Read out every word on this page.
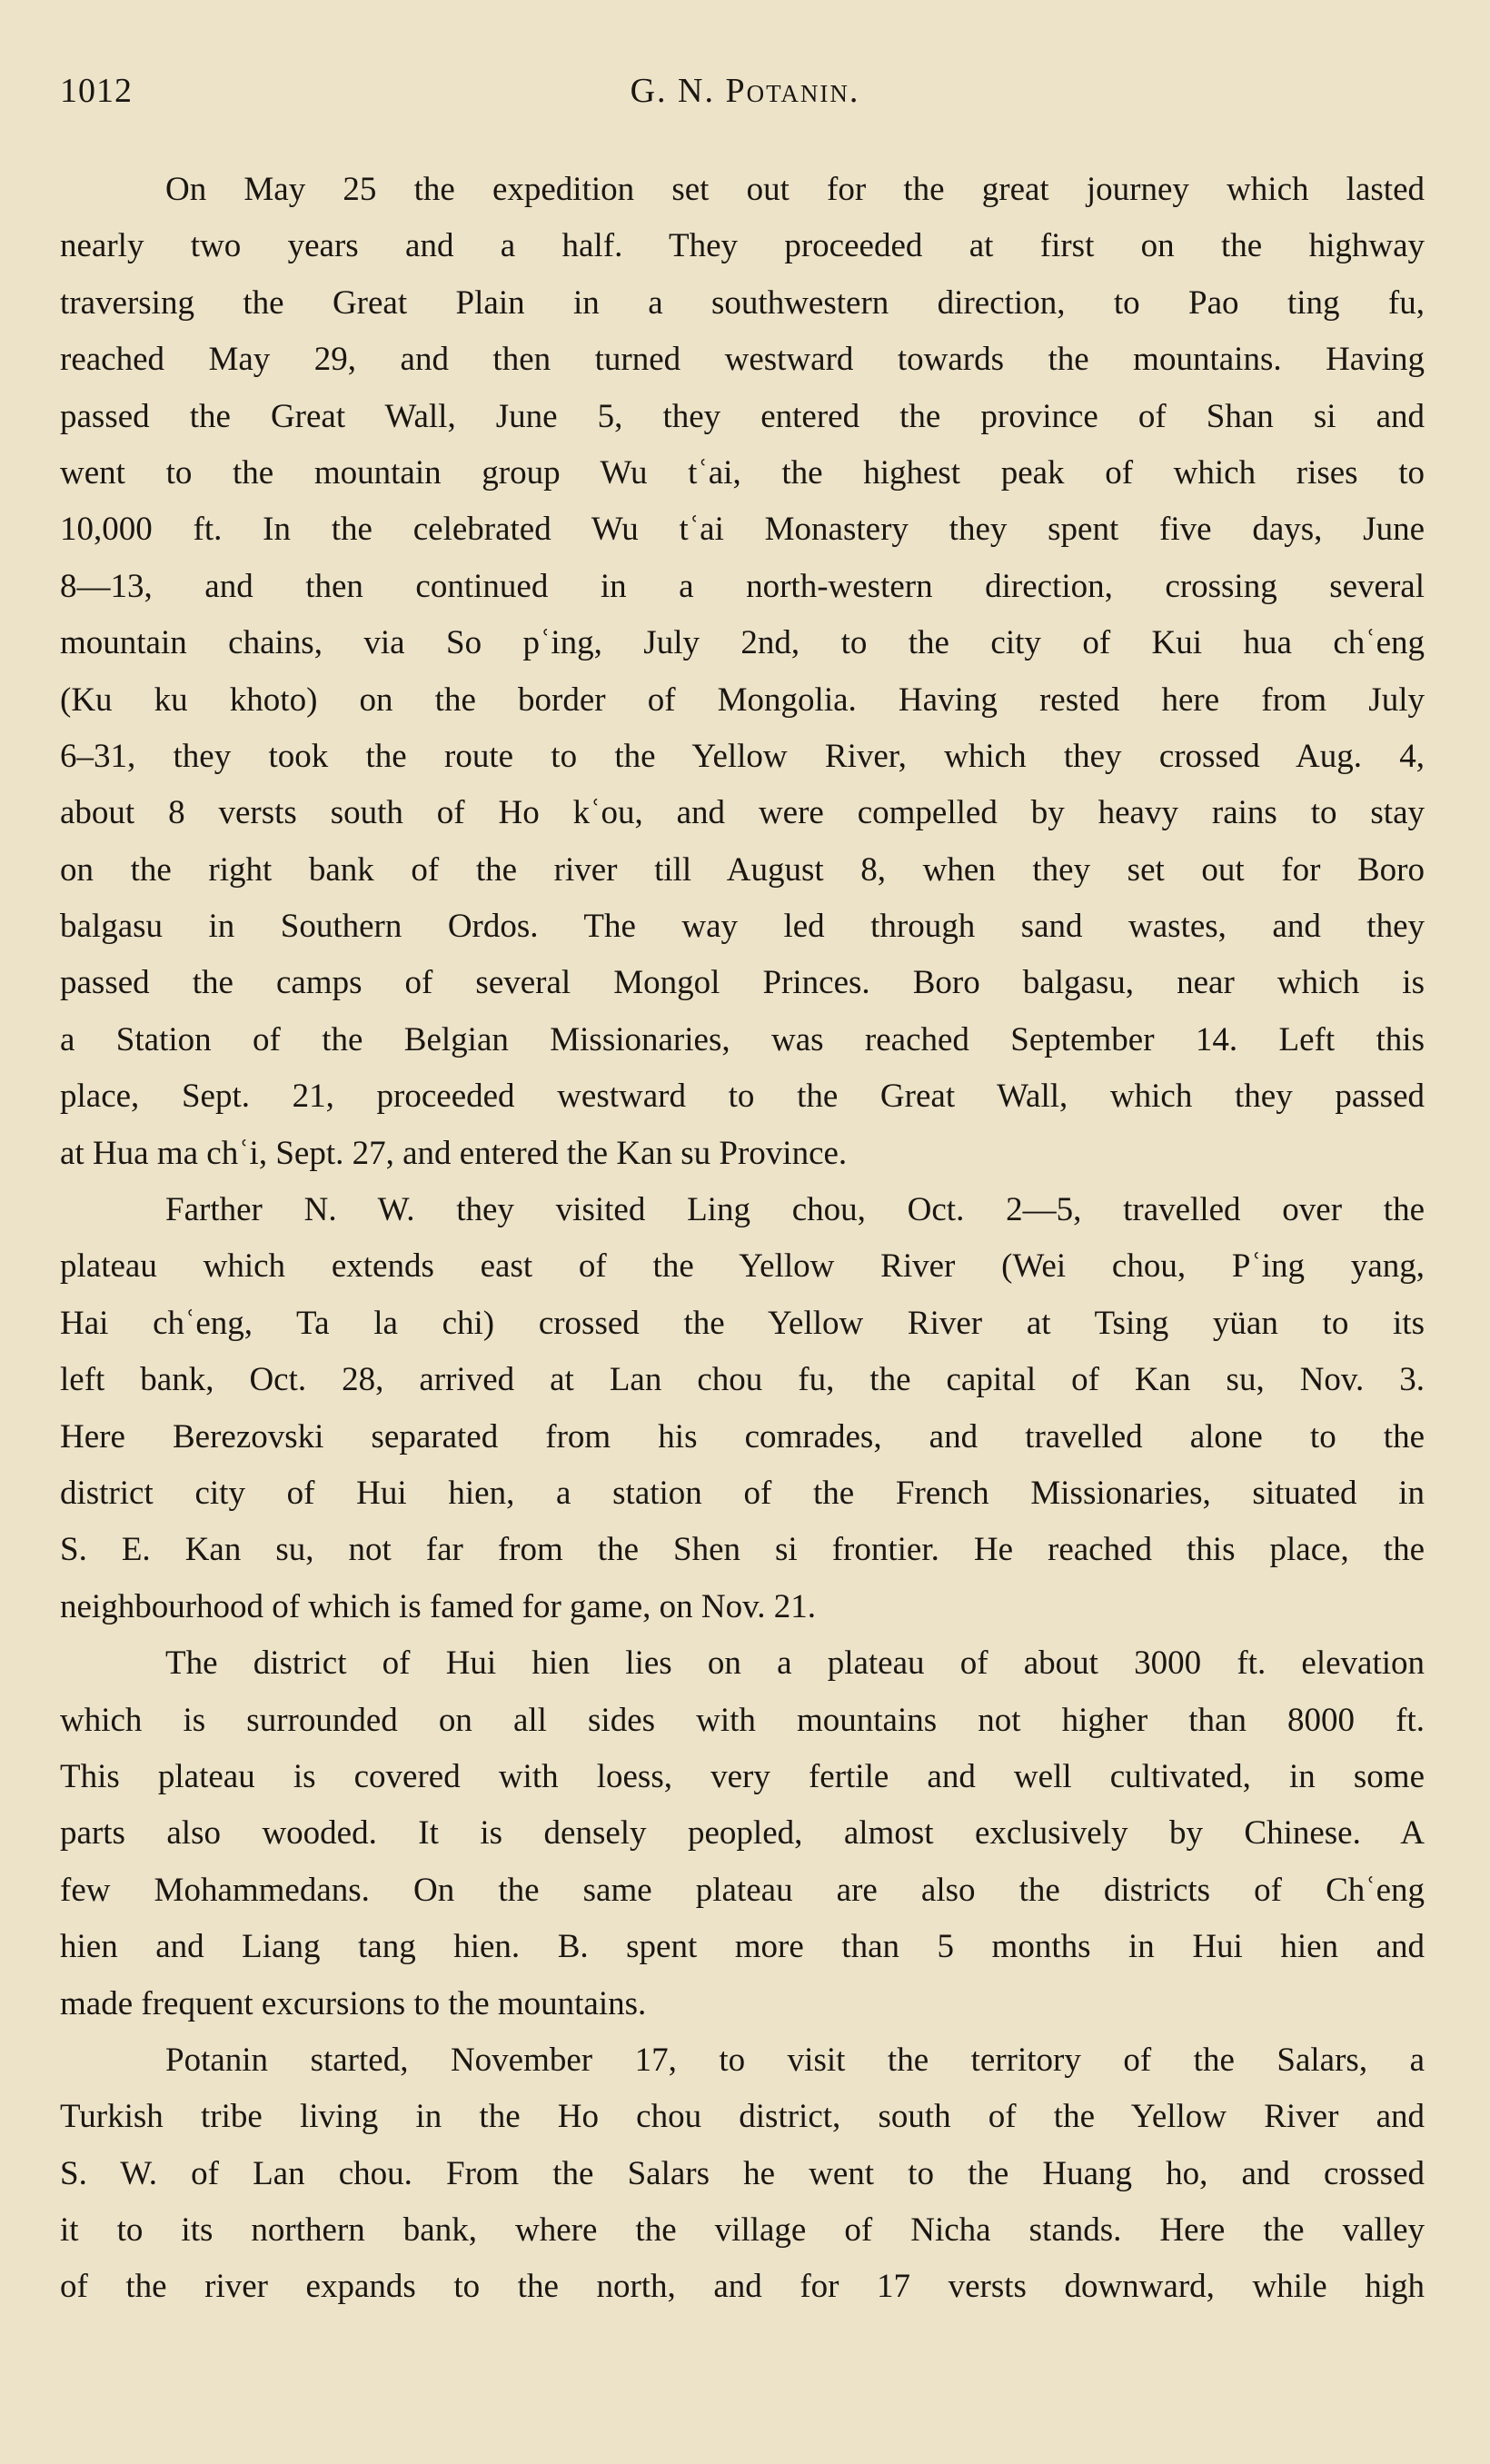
1012	G. N. Potanin.
On May 25 the expedition set out for the great journey which lasted
nearly two years and a half. They proceeded at first on the highway
traversing the Great Plain in a southwestern direction, to Pao ting fu,
reached May 29, and then turned westward towards the mountains. Having
passed the Great Wall, June 5, they entered the province of Shan si and
went to the mountain group Wu tʿai, the highest peak of which rises to
10,000 ft. In the celebrated Wu tʿai Monastery they spent five days, June
8—13, and then continued in a north-western direction, crossing several
mountain chains, via So pʿing, July 2nd, to the city of Kui hua chʿeng
(Ku ku khoto) on the border of Mongolia. Having rested here from July
6–31, they took the route to the Yellow River, which they crossed Aug. 4,
about 8 versts south of Ho kʿou, and were compelled by heavy rains to stay
on the right bank of the river till August 8, when they set out for Boro
balgasu in Southern Ordos. The way led through sand wastes, and they
passed the camps of several Mongol Princes. Boro balgasu, near which is
a Station of the Belgian Missionaries, was reached September 14. Left this
place, Sept. 21, proceeded westward to the Great Wall, which they passed
at Hua ma chʿi, Sept. 27, and entered the Kan su Province.
Farther N. W. they visited Ling chou, Oct. 2—5, travelled over the
plateau which extends east of the Yellow River (Wei chou, Pʿing yang,
Hai chʿeng, Ta la chi) crossed the Yellow River at Tsing yüan to its
left bank, Oct. 28, arrived at Lan chou fu, the capital of Kan su, Nov. 3.
Here Berezovski separated from his comrades, and travelled alone to the
district city of Hui hien, a station of the French Missionaries, situated in
S. E. Kan su, not far from the Shen si frontier. He reached this place, the
neighbourhood of which is famed for game, on Nov. 21.
The district of Hui hien lies on a plateau of about 3000 ft. elevation
which is surrounded on all sides with mountains not higher than 8000 ft.
This plateau is covered with loess, very fertile and well cultivated, in some
parts also wooded. It is densely peopled, almost exclusively by Chinese. A
few Mohammedans. On the same plateau are also the districts of Chʿeng
hien and Liang tang hien. B. spent more than 5 months in Hui hien and
made frequent excursions to the mountains.
Potanin started, November 17, to visit the territory of the Salars, a
Turkish tribe living in the Ho chou district, south of the Yellow River and
S. W. of Lan chou. From the Salars he went to the Huang ho, and crossed
it to its northern bank, where the village of Nicha stands. Here the valley
of the river expands to the north, and for 17 versts downward, while high
